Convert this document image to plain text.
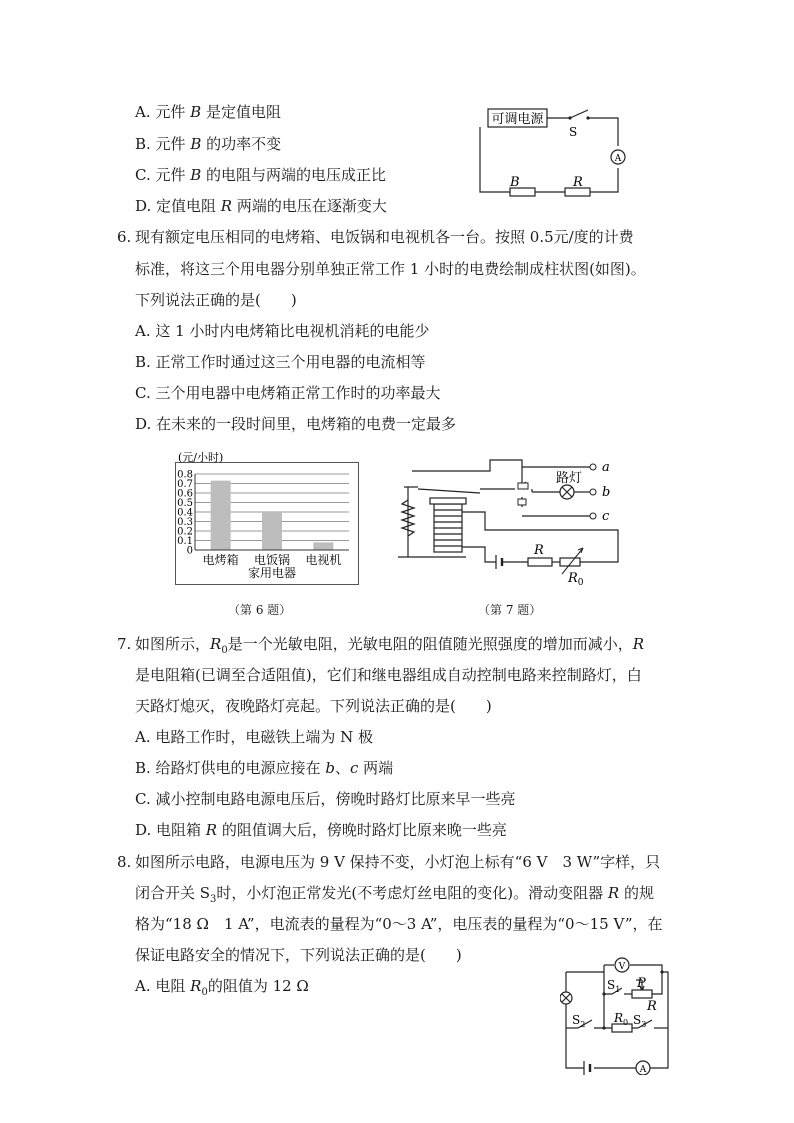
A. 元件 B 是定值电阻
B. 元件 B 的功率不变
C. 元件 B 的电阻与两端的电压成正比
D. 定值电阻 R 两端的电压在逐渐变大
可调电源
S
A
B	R
6. 现有额定电压相同的电烤箱、电饭锅和电视机各一台。按照 0.5元/度的计费
标准，将这三个用电器分别单独正常工作 1 小时的电费绘制成柱状图(如图)。
下列说法正确的是(　　)
A. 这 1 小时内电烤箱比电视机消耗的电能少
B. 正常工作时通过这三个用电器的电流相等
C. 三个用电器中电烤箱正常工作时的功率最大
D. 在未来的一段时间里，电烤箱的电费一定最多
(元/小时)
0
0.1
0.2
0.3
0.4
0.5
0.6
0.7
0.8
电烤箱 电饭锅 电视机
家用电器
（第 6 题）
路灯
a
b
c
R
$R_0$
（第 7 题）
7. 如图所示，$R_0$是一个光敏电阻，光敏电阻的阻值随光照强度的增加而减小，R
是电阻箱(已调至合适阻值)，它们和继电器组成自动控制电路来控制路灯，白
天路灯熄灭，夜晚路灯亮起。下列说法正确的是(　　)
A. 电路工作时，电磁铁上端为 N 极
B. 给路灯供电的电源应接在 b、c 两端
C. 减小控制电路电源电压后，傍晚时路灯比原来早一些亮
D. 电阻箱 R 的阻值调大后，傍晚时路灯比原来晚一些亮
8. 如图所示电路，电源电压为 9 V 保持不变，小灯泡上标有“6 V　3 W”字样，只
闭合开关 $S_3$时，小灯泡正常发光(不考虑灯丝电阻的变化)。滑动变阻器 R 的规
格为“18 Ω　1 A”，电流表的量程为“0～3 A”，电压表的量程为“0～15 V”，在
保证电路安全的情况下，下列说法正确的是(　　)
A. 电阻 $R_0$的阻值为 12 Ω
V
A
$S_1$
$S_2$	$S_3$
P
R
$R_0$
